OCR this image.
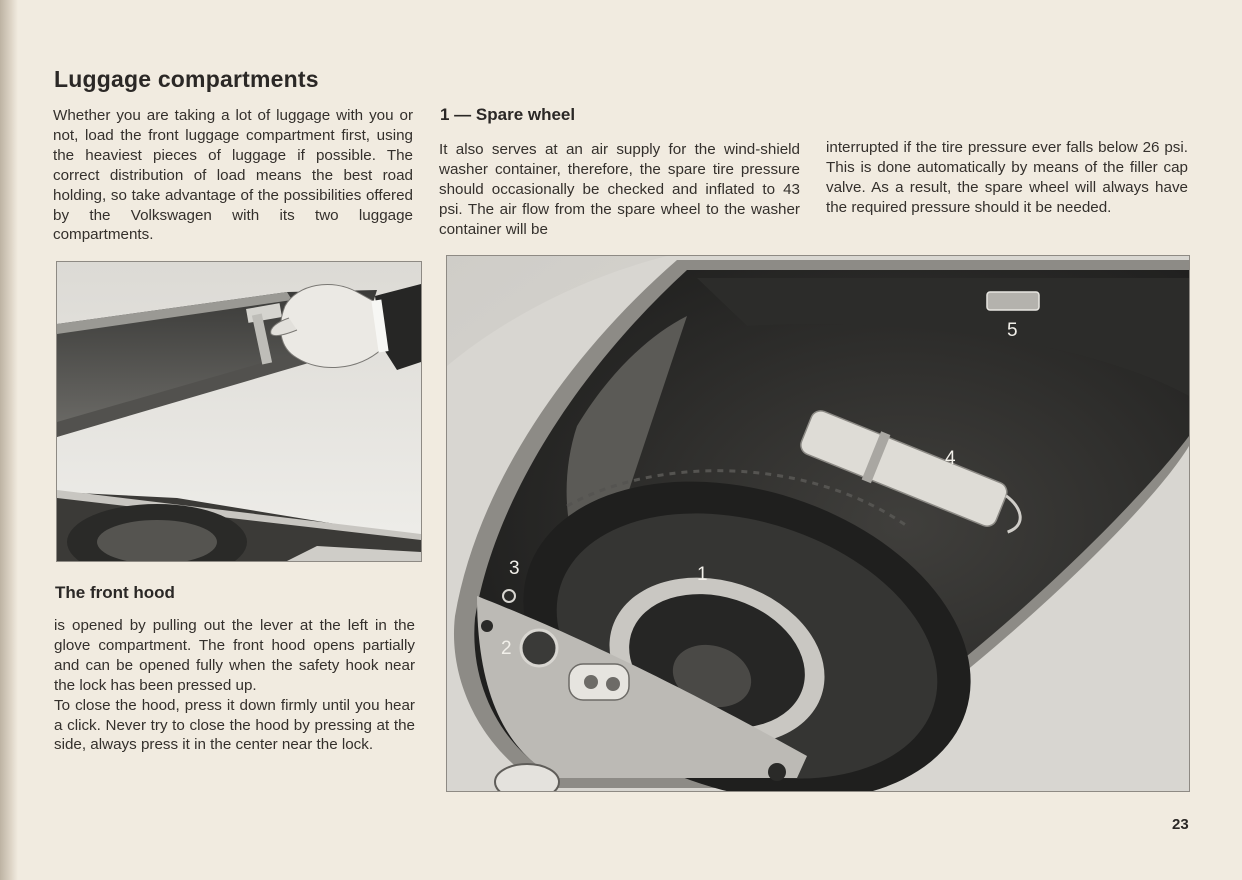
Luggage compartments
Whether you are taking a lot of luggage with you or not, load the front luggage compartment first, using the heaviest pieces of luggage if possible. The correct distribution of load means the best road holding, so take advantage of the possibilities offered by the Volkswagen with its two luggage compartments.
The front hood

is opened by pulling out the lever at the left in the glove compartment. The front hood opens partially and can be opened fully when the safety hook near the lock has been pressed up.

To close the hood, press it down firmly until you hear a click. Never try to close the hood by pressing at the side, always press it in the center near the lock.

1 — Spare wheel
It also serves at an air supply for the wind-shield washer container, therefore, the spare tire pressure should occasionally be checked and inflated to 43 psi. The air flow from the spare wheel to the washer container will be
interrupted if the tire pressure ever falls below 26 psi. This is done automatically by means of the filler cap valve. As a result, the spare wheel will always have the required pressure should it be needed.
1
2
3
4
5
23
